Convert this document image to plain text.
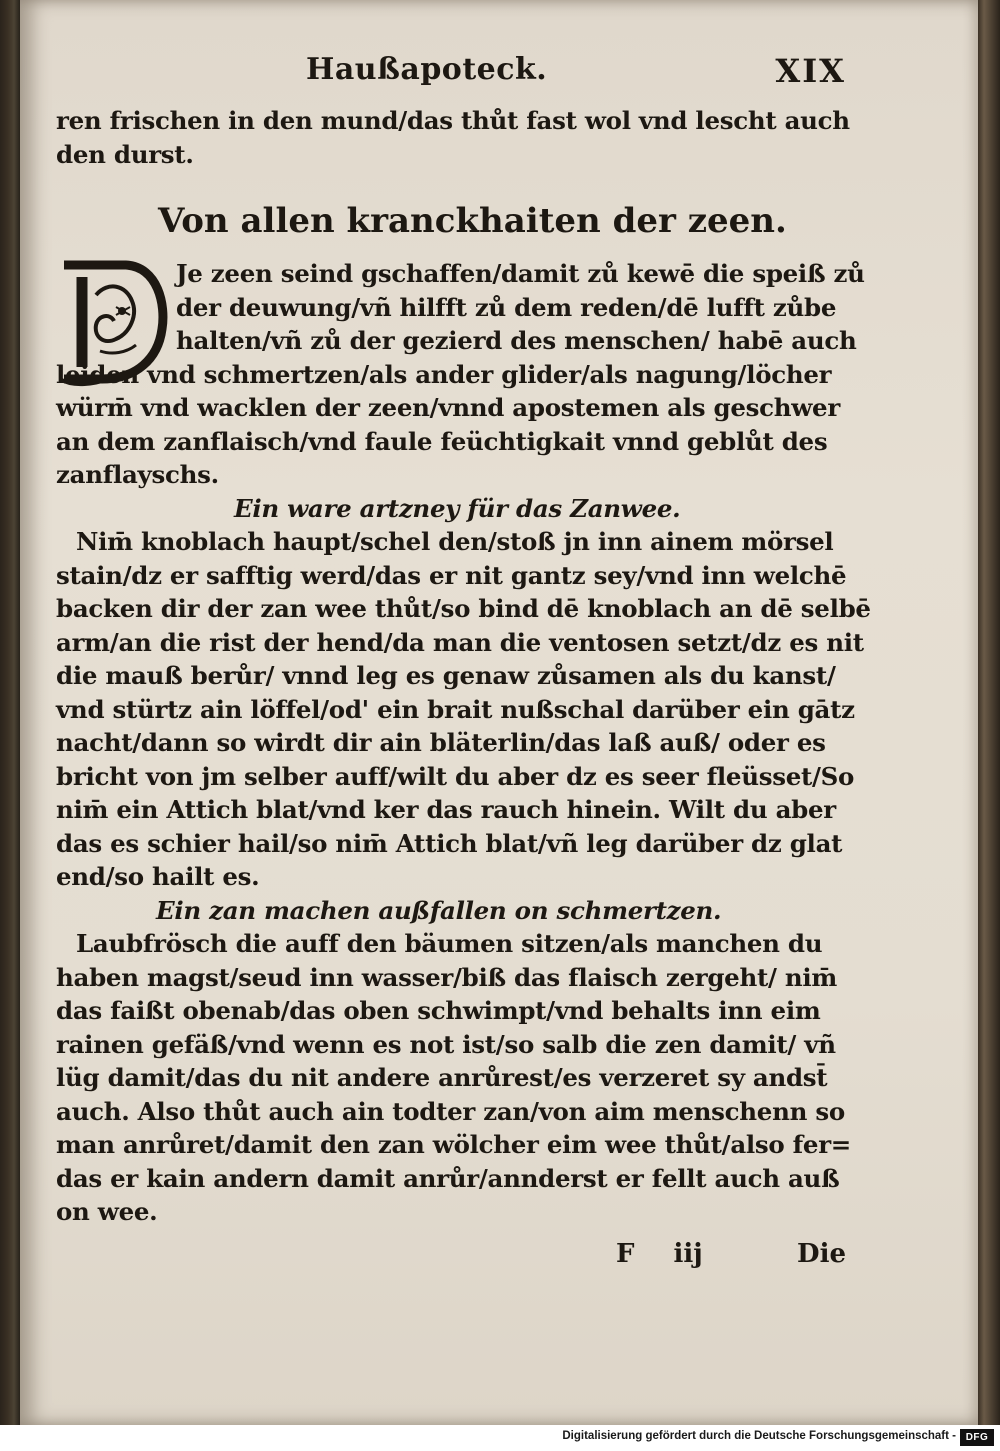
Haußapoteck.	XIX
ren frischen in den mund/das thůt fast wol vnd lescht auch
den durst.
Von allen kranckhaiten der zeen.
D
Je zeen seind gschaffen/damit zů kewē die speiß zů
der deuwung/vñ hilfft zů dem reden/dē lufft zůbe
halten/vñ zů der gezierd des menschen/ habē auch
leiden vnd schmertzen/als ander glider/als nagung/löcher
würm̄ vnd wacklen der zeen/vnnd apostemen als geschwer
an dem zanflaisch/vnd faule feüchtigkait vnnd geblůt des
zanflayschs.
Ein ware artzney für das Zanwee.
Nim̄ knoblach haupt/schel den/stoß jn inn ainem mörsel
stain/dz er safftig werd/das er nit gantz sey/vnd inn welchē
backen dir der zan wee thůt/so bind dē knoblach an dē selbē
arm/an die rist der hend/da man die ventosen setzt/dz es nit
die mauß berůr/ vnnd leg es genaw zůsamen als du kanst/
vnd stürtz ain löffel/od' ein brait nußschal darüber ein gātz
nacht/dann so wirdt dir ain bläterlin/das laß auß/ oder es
bricht von jm selber auff/wilt du aber dz es seer fleüsset/So
nim̄ ein Attich blat/vnd ker das rauch hinein. Wilt du aber
das es schier hail/so nim̄ Attich blat/vñ leg darüber dz glat
end/so hailt es.
Ein zan machen außfallen on schmertzen.
Laubfrösch die auff den bäumen sitzen/als manchen du
haben magst/seud inn wasser/biß das flaisch zergeht/ nim̄
das faißt obenab/das oben schwimpt/vnd behalts inn eim
rainen gefäß/vnd wenn es not ist/so salb die zen damit/ vñ
lüg damit/das du nit andere anrůrest/es verzeret sy andst̄
auch. Also thůt auch ain todter zan/von aim menschenn so
man anrůret/damit den zan wölcher eim wee thůt/also fer=
das er kain andern damit anrůr/annderst er fellt auch auß
on wee.
F iij	Die
Digitalisierung gefördert durch die Deutsche Forschungsgemeinschaft - DFG
